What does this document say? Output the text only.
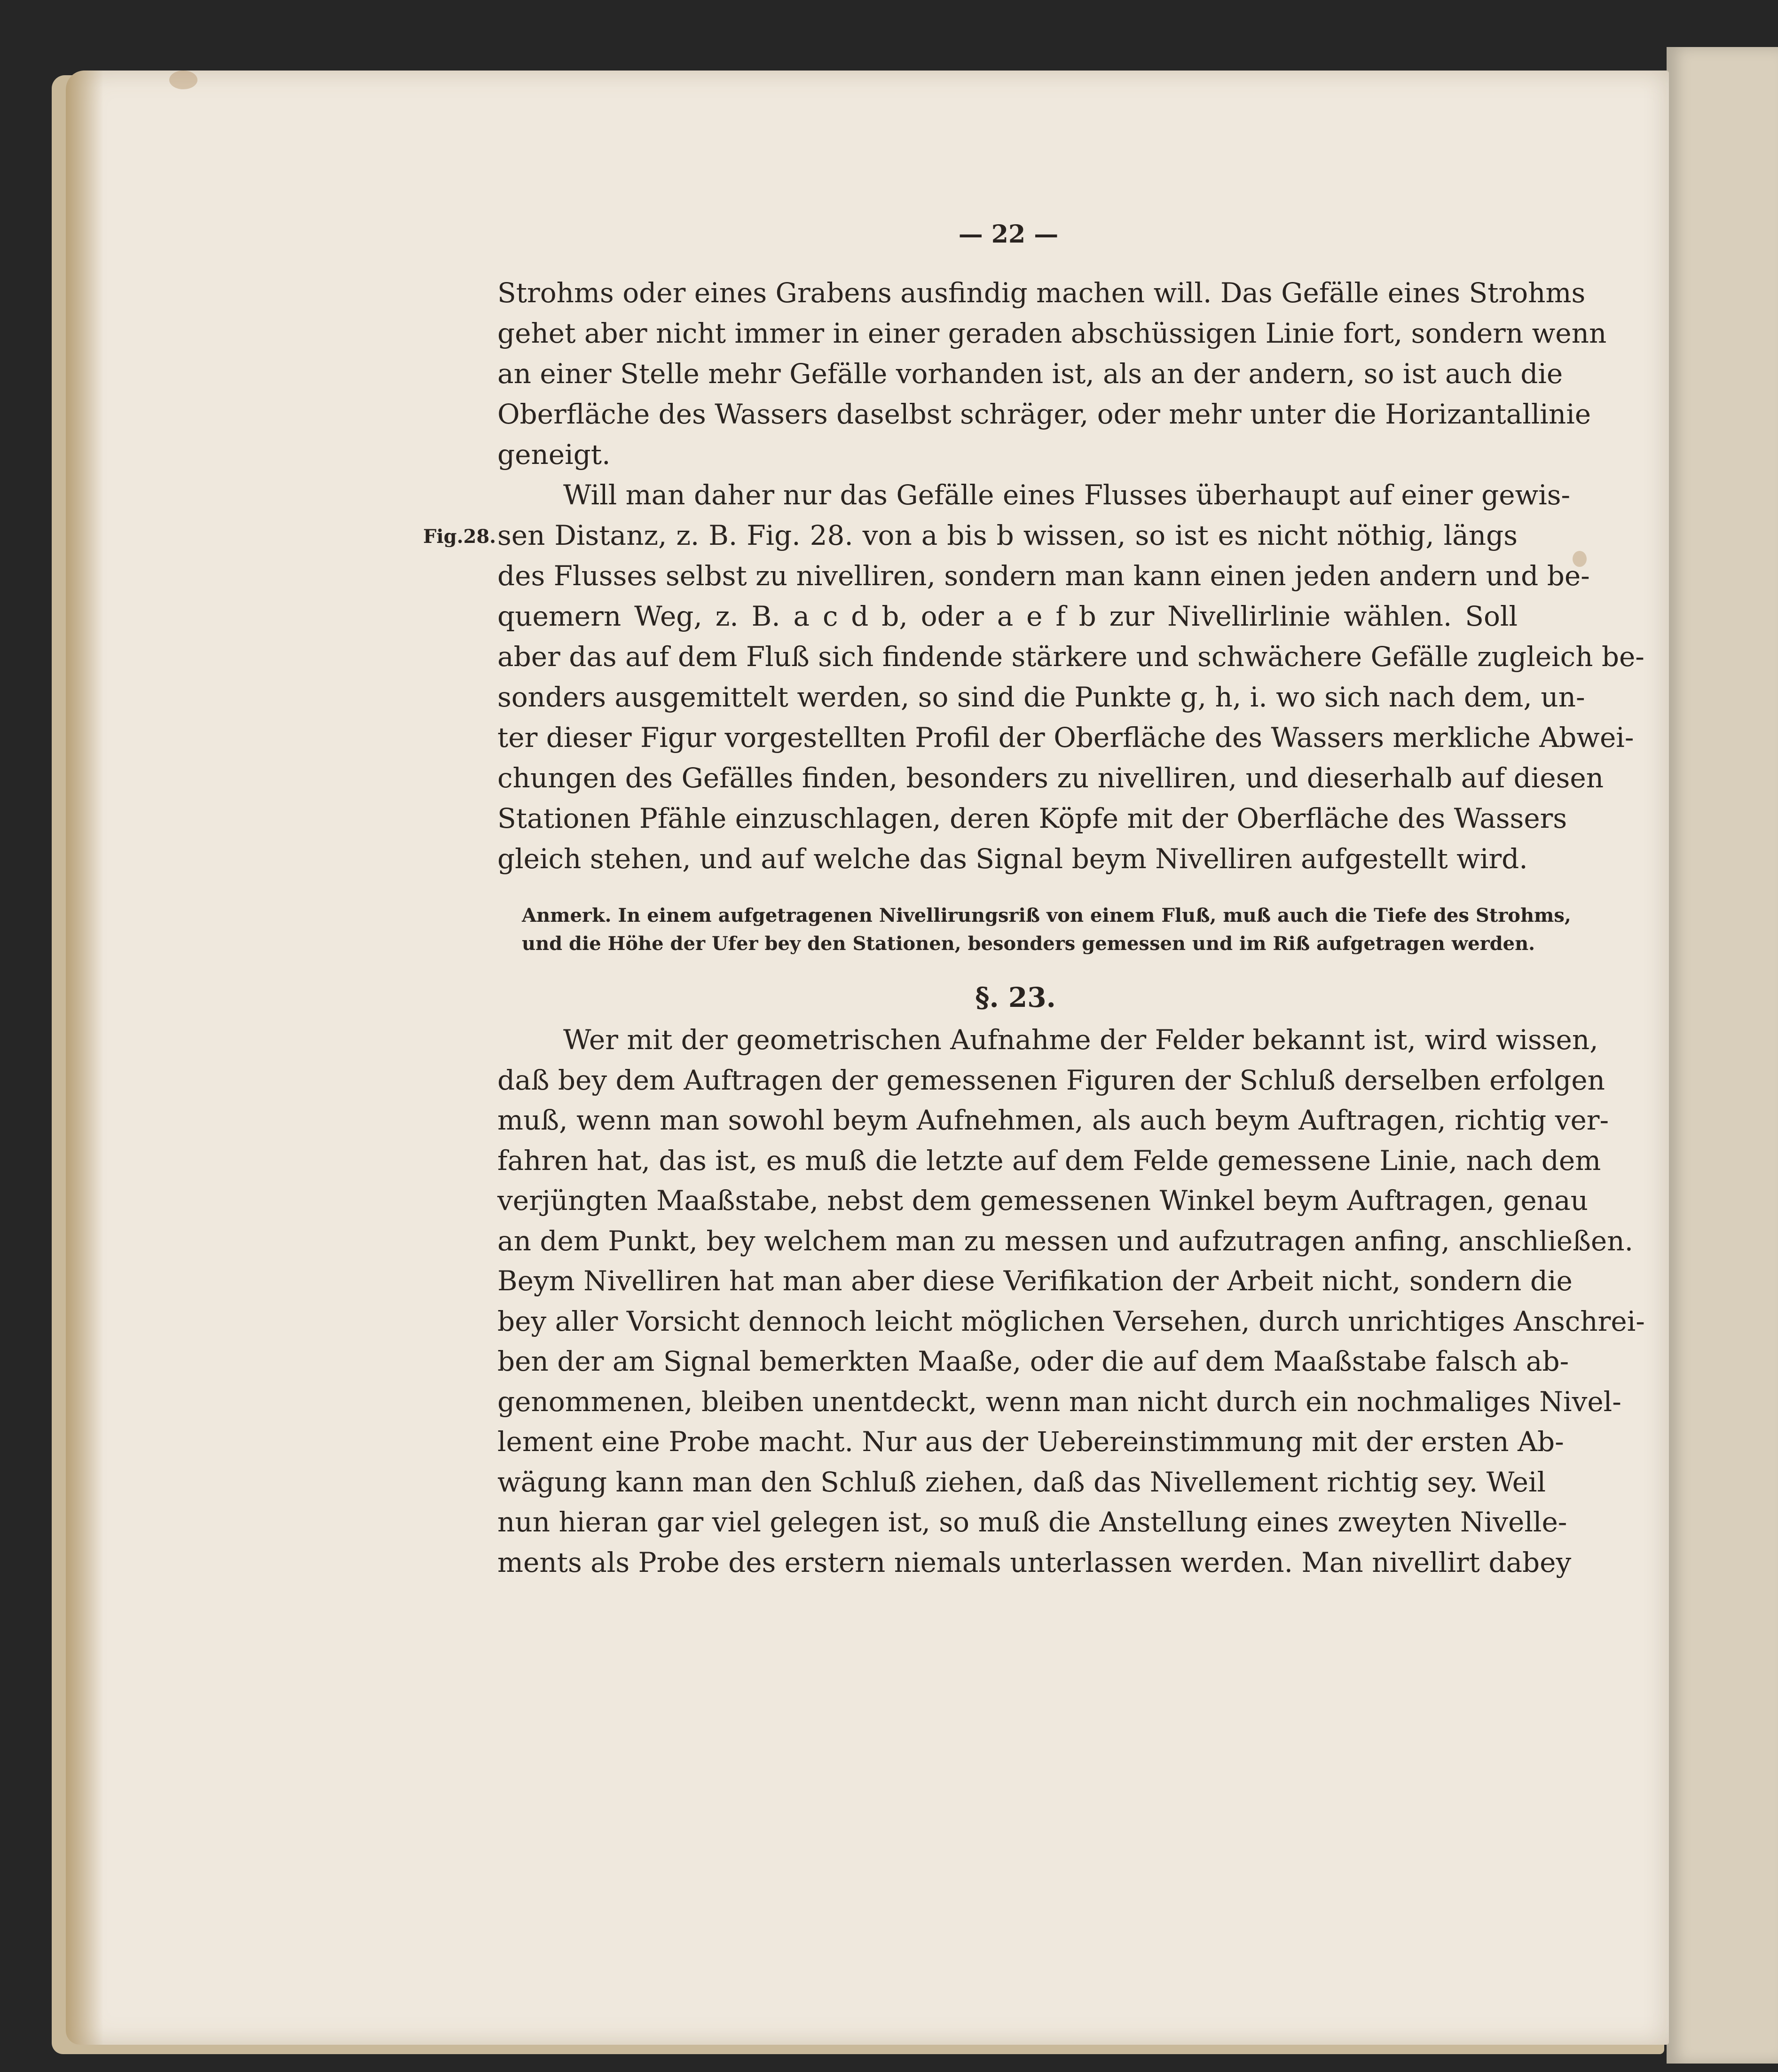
— 22 —
Fig.28.
Strohms oder eines Grabens ausfindig machen will. Das Gefälle eines Strohms
gehet aber nicht immer in einer geraden abschüssigen Linie fort, sondern wenn
an einer Stelle mehr Gefälle vorhanden ist, als an der andern, so ist auch die
Oberfläche des Wassers daselbst schräger, oder mehr unter die Horizantallinie
geneigt.
Will man daher nur das Gefälle eines Flusses überhaupt auf einer gewis-
sen Distanz, z. B. Fig. 28. von a bis b wissen, so ist es nicht nöthig, längs
des Flusses selbst zu nivelliren, sondern man kann einen jeden andern und be-
quemern Weg, z. B. a c d b, oder a e f b zur Nivellirlinie wählen. Soll
aber das auf dem Fluß sich findende stärkere und schwächere Gefälle zugleich be-
sonders ausgemittelt werden, so sind die Punkte g, h, i. wo sich nach dem, un-
ter dieser Figur vorgestellten Profil der Oberfläche des Wassers merkliche Abwei-
chungen des Gefälles finden, besonders zu nivelliren, und dieserhalb auf diesen
Stationen Pfähle einzuschlagen, deren Köpfe mit der Oberfläche des Wassers
gleich stehen, und auf welche das Signal beym Nivelliren aufgestellt wird.
Anmerk. In einem aufgetragenen Nivellirungsriß von einem Fluß, muß auch die Tiefe des Strohms,
und die Höhe der Ufer bey den Stationen, besonders gemessen und im Riß aufgetragen werden.
§. 23.
Wer mit der geometrischen Aufnahme der Felder bekannt ist, wird wissen,
daß bey dem Auftragen der gemessenen Figuren der Schluß derselben erfolgen
muß, wenn man sowohl beym Aufnehmen, als auch beym Auftragen, richtig ver-
fahren hat, das ist, es muß die letzte auf dem Felde gemessene Linie, nach dem
verjüngten Maaßstabe, nebst dem gemessenen Winkel beym Auftragen, genau
an dem Punkt, bey welchem man zu messen und aufzutragen anfing, anschließen.
Beym Nivelliren hat man aber diese Verifikation der Arbeit nicht, sondern die
bey aller Vorsicht dennoch leicht möglichen Versehen, durch unrichtiges Anschrei-
ben der am Signal bemerkten Maaße, oder die auf dem Maaßstabe falsch ab-
genommenen, bleiben unentdeckt, wenn man nicht durch ein nochmaliges Nivel-
lement eine Probe macht. Nur aus der Uebereinstimmung mit der ersten Ab-
wägung kann man den Schluß ziehen, daß das Nivellement richtig sey. Weil
nun hieran gar viel gelegen ist, so muß die Anstellung eines zweyten Nivelle-
ments als Probe des erstern niemals unterlassen werden. Man nivellirt dabey
